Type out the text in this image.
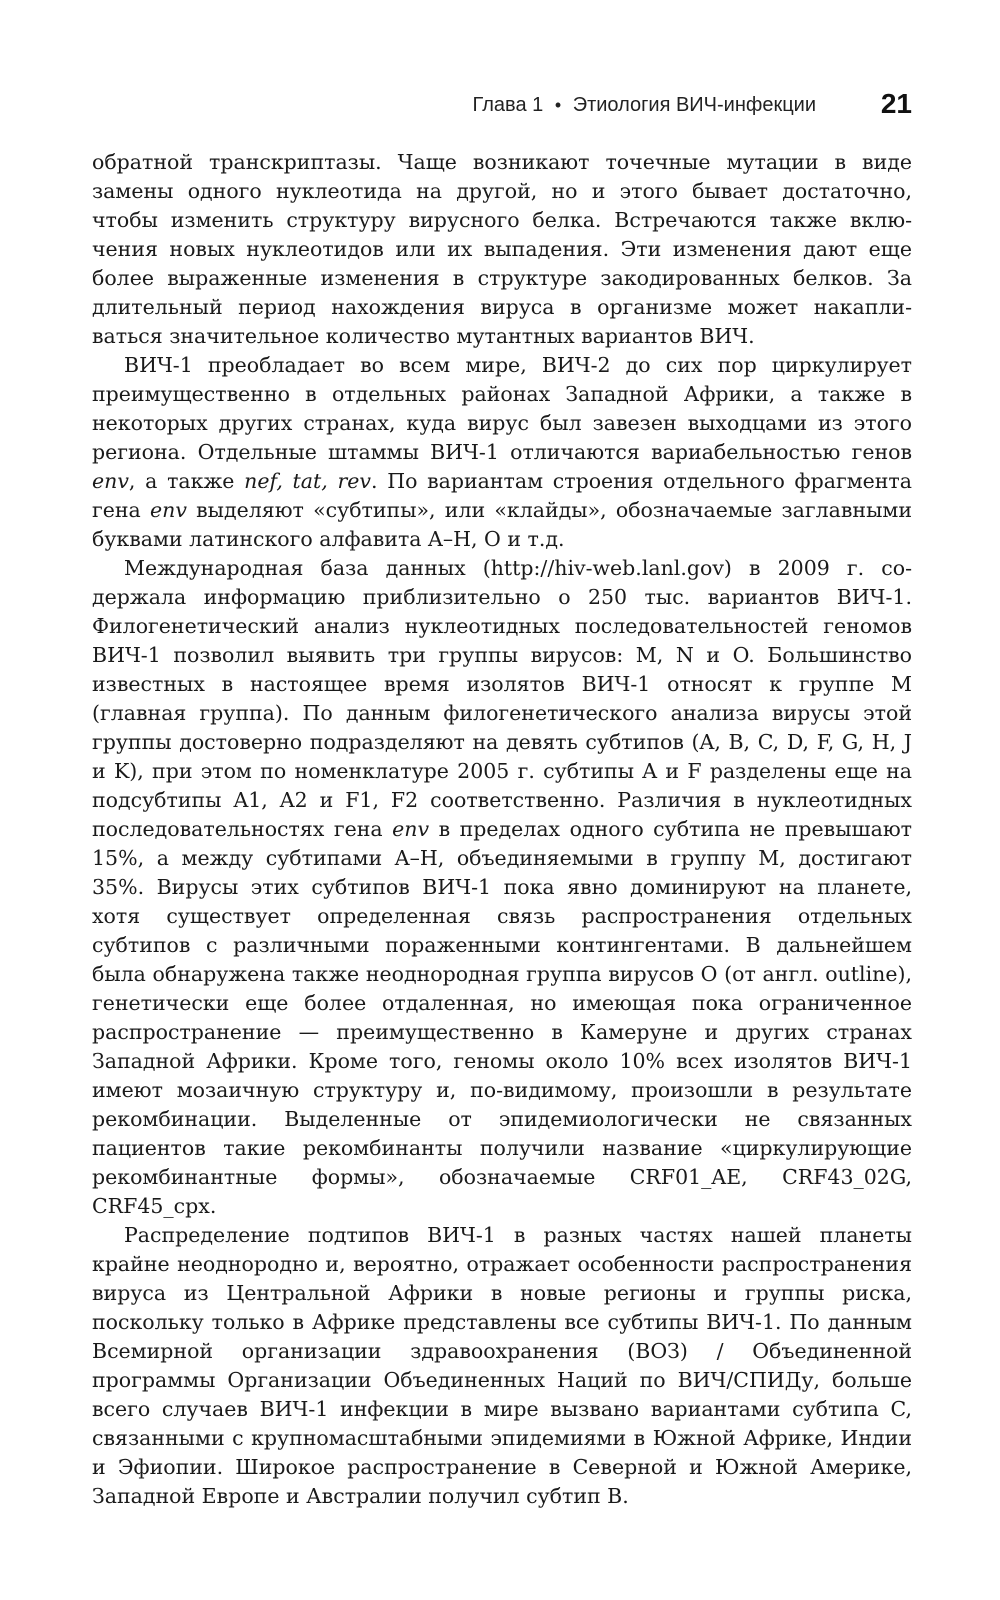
Глава 1 • Этиология ВИЧ-инфекции 21

обратной транскриптазы. Чаще возникают точечные мутации в виде замены одного нуклеотида на другой, но и этого бывает достаточно, чтобы изменить структуру вирусного белка. Встречаются также включения новых нуклеотидов или их выпадения. Эти изменения дают еще более выраженные изменения в структуре закодированных белков. За длительный период нахождения вируса в организме может накапливаться значительное количество мутантных вариантов ВИЧ.

ВИЧ-1 преобладает во всем мире, ВИЧ-2 до сих пор циркулирует преимущественно в отдельных районах Западной Африки, а также в некоторых других странах, куда вирус был завезен выходцами из этого региона. Отдельные штаммы ВИЧ-1 отличаются вариабельностью генов env, а также nef, tat, rev. По вариантам строения отдельного фрагмента гена env выделяют «субтипы», или «клайды», обозначаемые заглавными буквами латинского алфавита A–H, O и т.д.

Международная база данных (http://hiv-web.lanl.gov) в 2009 г. содержала информацию приблизительно о 250 тыс. вариантов ВИЧ-1. Филогенетический анализ нуклеотидных последовательностей геномов ВИЧ-1 позволил выявить три группы вирусов: M, N и O. Большинство известных в настоящее время изолятов ВИЧ-1 относят к группе M (главная группа). По данным филогенетического анализа вирусы этой группы достоверно подразделяют на девять субтипов (A, B, C, D, F, G, H, J и K), при этом по номенклатуре 2005 г. субтипы A и F разделены еще на подсубтипы A1, A2 и F1, F2 соответственно. Различия в нуклеотидных последовательностях гена env в пределах одного субтипа не превышают 15%, а между субтипами A–H, объединяемыми в группу M, достигают 35%. Вирусы этих субтипов ВИЧ-1 пока явно доминируют на планете, хотя существует определенная связь распространения отдельных субтипов с различными пораженными контингентами. В дальнейшем была обнаружена также неоднородная группа вирусов O (от англ. outline), генетически еще более отдаленная, но имеющая пока ограниченное распространение — преимущественно в Камеруне и других странах Западной Африки. Кроме того, геномы около 10% всех изолятов ВИЧ-1 имеют мозаичную структуру и, по-видимому, произошли в результате рекомбинации. Выделенные от эпидемиологически не связанных пациентов такие рекомбинанты получили название «циркулирующие рекомбинантные формы», обозначаемые CRF01_AE, CRF43_02G, CRF45_cpx.

Распределение подтипов ВИЧ-1 в разных частях нашей планеты крайне неоднородно и, вероятно, отражает особенности распространения вируса из Центральной Африки в новые регионы и группы риска, поскольку только в Африке представлены все субтипы ВИЧ-1. По данным Всемирной организации здравоохранения (ВОЗ) / Объединенной программы Организации Объединенных Наций по ВИЧ/СПИДу, больше всего случаев ВИЧ-1 инфекции в мире вызвано вариантами субтипа C, связанными с крупномасштабными эпидемиями в Южной Африке, Индии и Эфиопии. Широкое распространение в Северной и Южной Америке, Западной Европе и Австралии получил субтип B.
